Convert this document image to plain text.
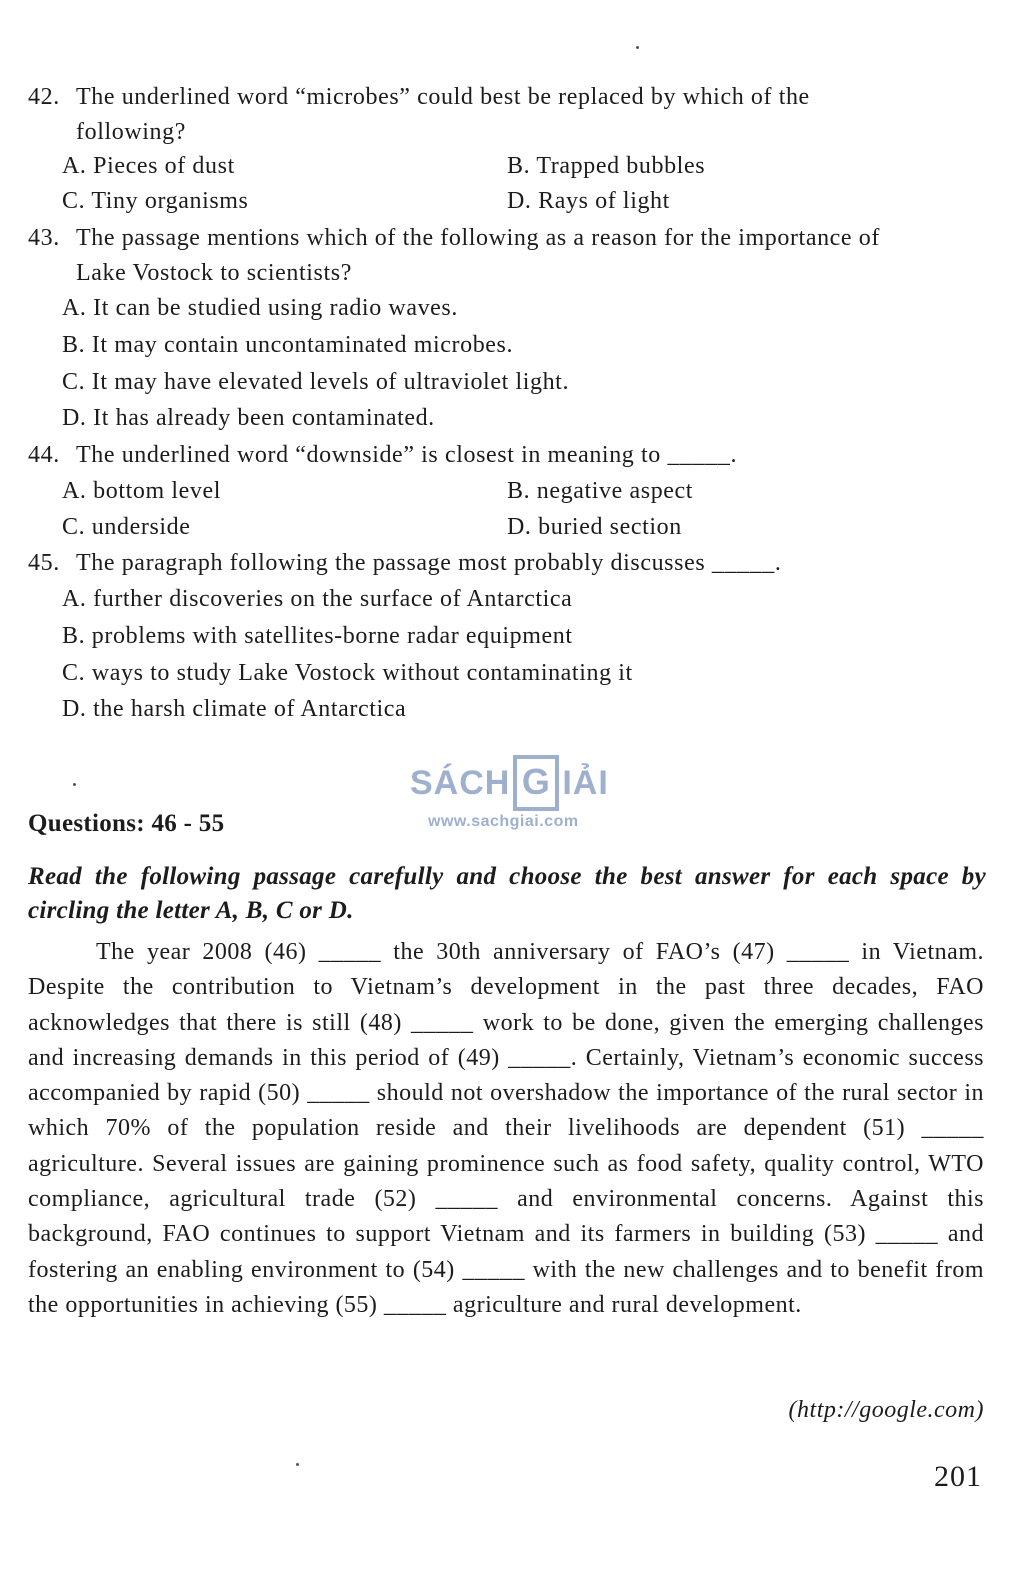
42. The underlined word “microbes” could best be replaced by which of the
following?
A. Pieces of dust	B. Trapped bubbles
C. Tiny organisms	D. Rays of light
43. The passage mentions which of the following as a reason for the importance of
Lake Vostock to scientists?
A. It can be studied using radio waves.
B. It may contain uncontaminated microbes.
C. It may have elevated levels of ultraviolet light.
D. It has already been contaminated.
44. The underlined word “downside” is closest in meaning to _____.
A. bottom level	B. negative aspect
C. underside	D. buried section
45. The paragraph following the passage most probably discusses _____.
A. further discoveries on the surface of Antarctica
B. problems with satellites-borne radar equipment
C. ways to study Lake Vostock without contaminating it
D. the harsh climate of Antarctica
SÁCH G IẢI
www.sachgiai.com
Questions: 46 - 55
Read the following passage carefully and choose the best answer for each space by circling the letter A, B, C or D.
The year 2008 (46) _____ the 30th anniversary of FAO’s (47) _____ in Vietnam. Despite the contribution to Vietnam’s development in the past three decades, FAO acknowledges that there is still (48) _____ work to be done, given the emerging challenges and increasing demands in this period of (49) _____. Certainly, Vietnam’s economic success accompanied by rapid (50) _____ should not overshadow the importance of the rural sector in which 70% of the population reside and their livelihoods are dependent (51) _____ agriculture. Several issues are gaining prominence such as food safety, quality control, WTO compliance, agricultural trade (52) _____ and environmental concerns. Against this background, FAO continues to support Vietnam and its farmers in building (53) _____ and fostering an enabling environment to (54) _____ with the new challenges and to benefit from the opportunities in achieving (55) _____ agriculture and rural development.
(http://google.com)
201
